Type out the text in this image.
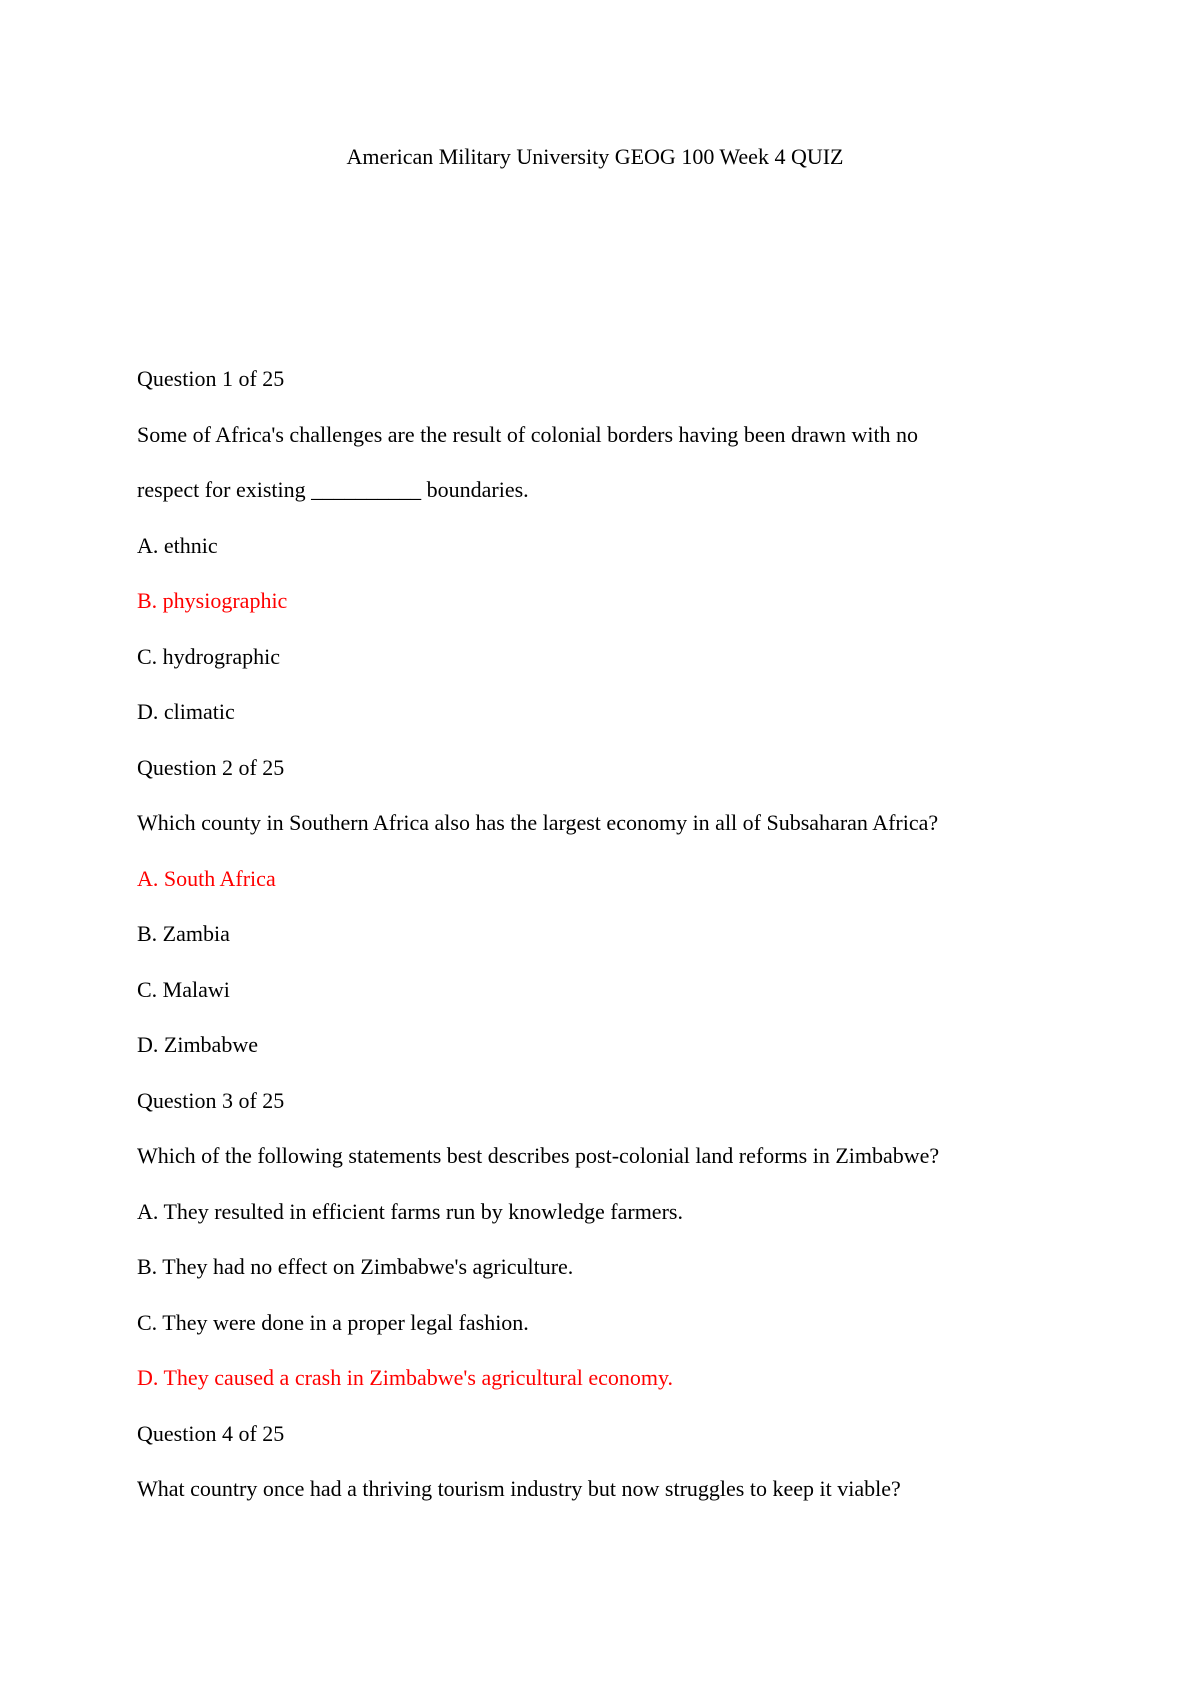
American Military University GEOG 100 Week 4 QUIZ
Question 1 of 25
Some of Africa's challenges are the result of colonial borders having been drawn with no
respect for existing __________ boundaries.
A. ethnic
B. physiographic
C. hydrographic
D. climatic
Question 2 of 25
Which county in Southern Africa also has the largest economy in all of Subsaharan Africa?
A. South Africa
B. Zambia
C. Malawi
D. Zimbabwe
Question 3 of 25
Which of the following statements best describes post-colonial land reforms in Zimbabwe?
A. They resulted in efficient farms run by knowledge farmers.
B. They had no effect on Zimbabwe's agriculture.
C. They were done in a proper legal fashion.
D. They caused a crash in Zimbabwe's agricultural economy.
Question 4 of 25
What country once had a thriving tourism industry but now struggles to keep it viable?
